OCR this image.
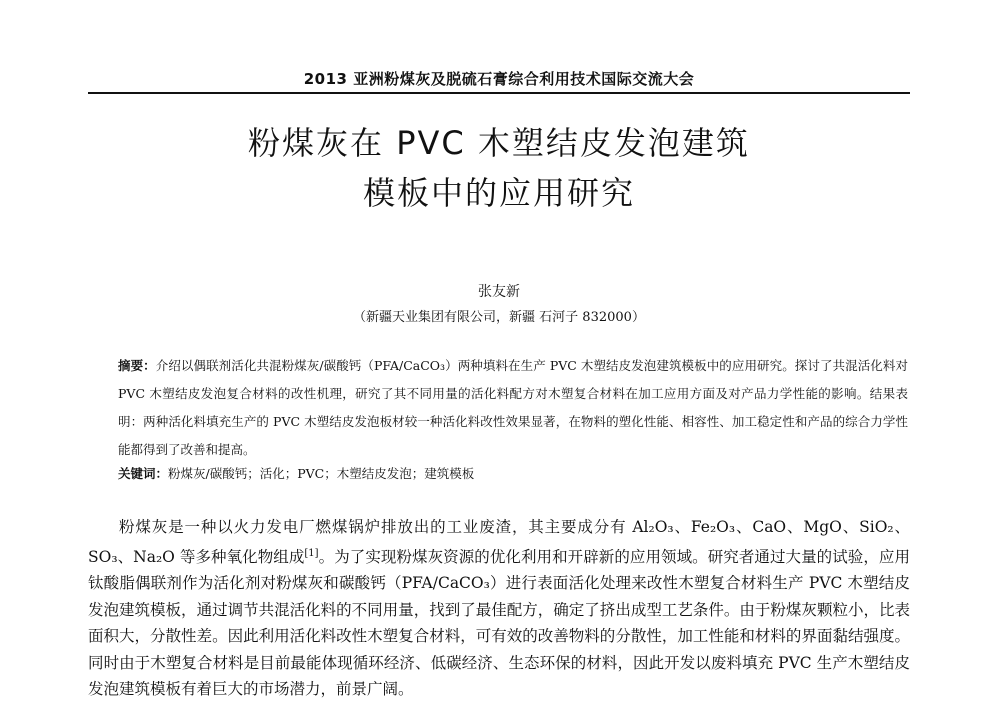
2013 亚洲粉煤灰及脱硫石膏综合利用技术国际交流大会
粉煤灰在 PVC 木塑结皮发泡建筑
模板中的应用研究
张友新
（新疆天业集团有限公司，新疆 石河子 832000）
摘要：介绍以偶联剂活化共混粉煤灰/碳酸钙（PFA/CaCO₃）两种填料在生产 PVC 木塑结皮发泡建筑模板中的应用研究。探讨了共混活化料对 PVC 木塑结皮发泡复合材料的改性机理，研究了其不同用量的活化料配方对木塑复合材料在加工应用方面及对产品力学性能的影响。结果表明：两种活化料填充生产的 PVC 木塑结皮发泡板材较一种活化料改性效果显著，在物料的塑化性能、相容性、加工稳定性和产品的综合力学性能都得到了改善和提高。
关键词：粉煤灰/碳酸钙；活化；PVC；木塑结皮发泡；建筑模板

粉煤灰是一种以火力发电厂燃煤锅炉排放出的工业废渣，其主要成分有 Al₂O₃、Fe₂O₃、CaO、MgO、SiO₂、SO₃、Na₂O 等多种氧化物组成[1]。为了实现粉煤灰资源的优化利用和开辟新的应用领域。研究者通过大量的试验，应用钛酸脂偶联剂作为活化剂对粉煤灰和碳酸钙（PFA/CaCO₃）进行表面活化处理来改性木塑复合材料生产 PVC 木塑结皮发泡建筑模板，通过调节共混活化料的不同用量，找到了最佳配方，确定了挤出成型工艺条件。由于粉煤灰颗粒小，比表面积大，分散性差。因此利用活化料改性木塑复合材料，可有效的改善物料的分散性，加工性能和材料的界面黏结强度。同时由于木塑复合材料是目前最能体现循环经济、低碳经济、生态环保的材料，因此开发以废料填充 PVC 生产木塑结皮发泡建筑模板有着巨大的市场潜力，前景广阔。
